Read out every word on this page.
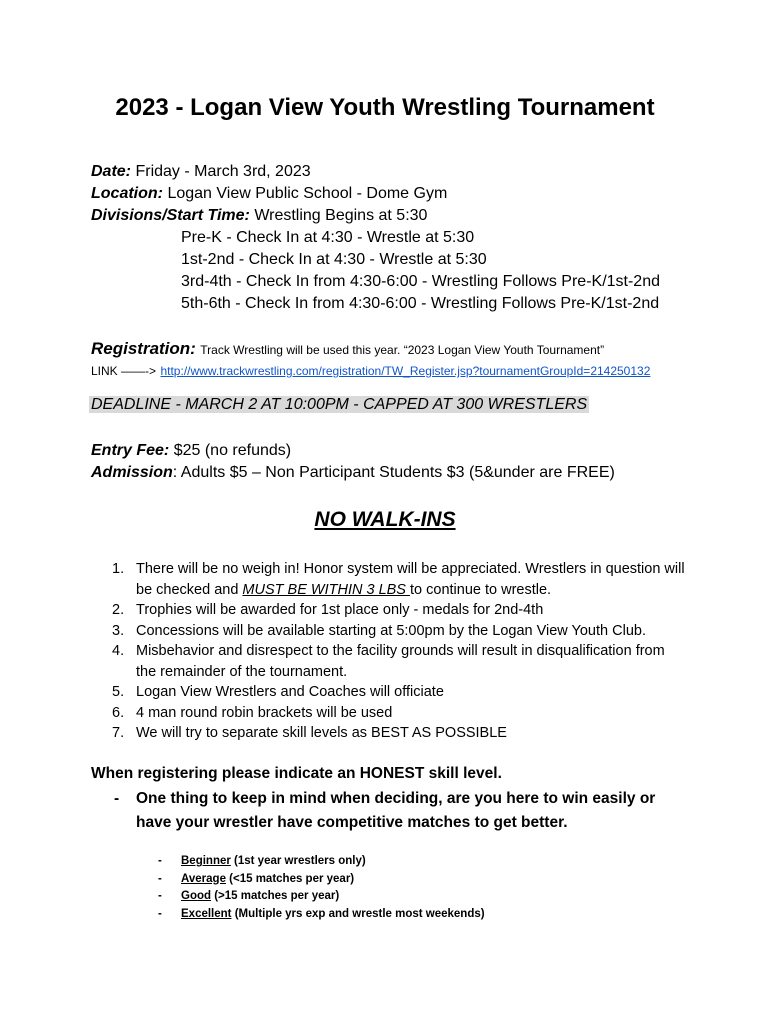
2023 - Logan View Youth Wrestling Tournament
Date: Friday - March 3rd, 2023
Location: Logan View Public School - Dome Gym
Divisions/Start Time: Wrestling Begins at 5:30
Pre-K - Check In at 4:30 - Wrestle at 5:30
1st-2nd - Check In at 4:30 - Wrestle at 5:30
3rd-4th - Check In from 4:30-6:00 - Wrestling Follows Pre-K/1st-2nd
5th-6th - Check In from 4:30-6:00 - Wrestling Follows Pre-K/1st-2nd
Registration: Track Wrestling will be used this year. “2023 Logan View Youth Tournament”
LINK ——-> http://www.trackwrestling.com/registration/TW_Register.jsp?tournamentGroupId=214250132
DEADLINE - MARCH 2 AT 10:00PM - CAPPED AT 300 WRESTLERS
Entry Fee: $25 (no refunds)
Admission: Adults $5 – Non Participant Students $3 (5&under are FREE)
NO WALK-INS
1. There will be no weigh in! Honor system will be appreciated. Wrestlers in question will be checked and MUST BE WITHIN 3 LBS to continue to wrestle.
2. Trophies will be awarded for 1st place only - medals for 2nd-4th
3. Concessions will be available starting at 5:00pm by the Logan View Youth Club.
4. Misbehavior and disrespect to the facility grounds will result in disqualification from the remainder of the tournament.
5. Logan View Wrestlers and Coaches will officiate
6. 4 man round robin brackets will be used
7. We will try to separate skill levels as BEST AS POSSIBLE
When registering please indicate an HONEST skill level.
-	One thing to keep in mind when deciding, are you here to win easily or have your wrestler have competitive matches to get better.
- Beginner (1st year wrestlers only)
- Average (<15 matches per year)
- Good (>15 matches per year)
- Excellent (Multiple yrs exp and wrestle most weekends)
